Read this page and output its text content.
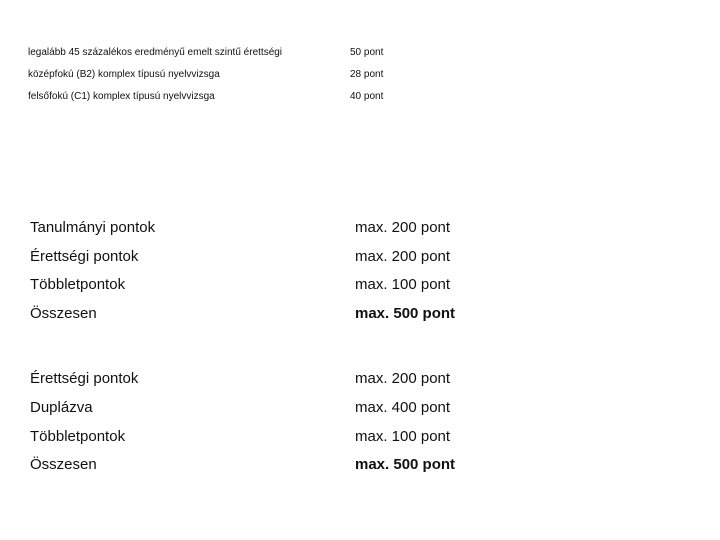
legalább 45 százalékos eredményű emelt szintű érettségi	50 pont
középfokú (B2) komplex típusú nyelvvizsga	28 pont
felsőfokú (C1) komplex típusú nyelvvizsga	40 pont
Tanulmányi pontok	max. 200 pont
Érettségi pontok	max. 200 pont
Többletpontok	max. 100 pont
Összesen	max. 500 pont
Érettségi pontok	max. 200 pont
Duplázva	max. 400 pont
Többletpontok	max. 100 pont
Összesen	max. 500 pont
